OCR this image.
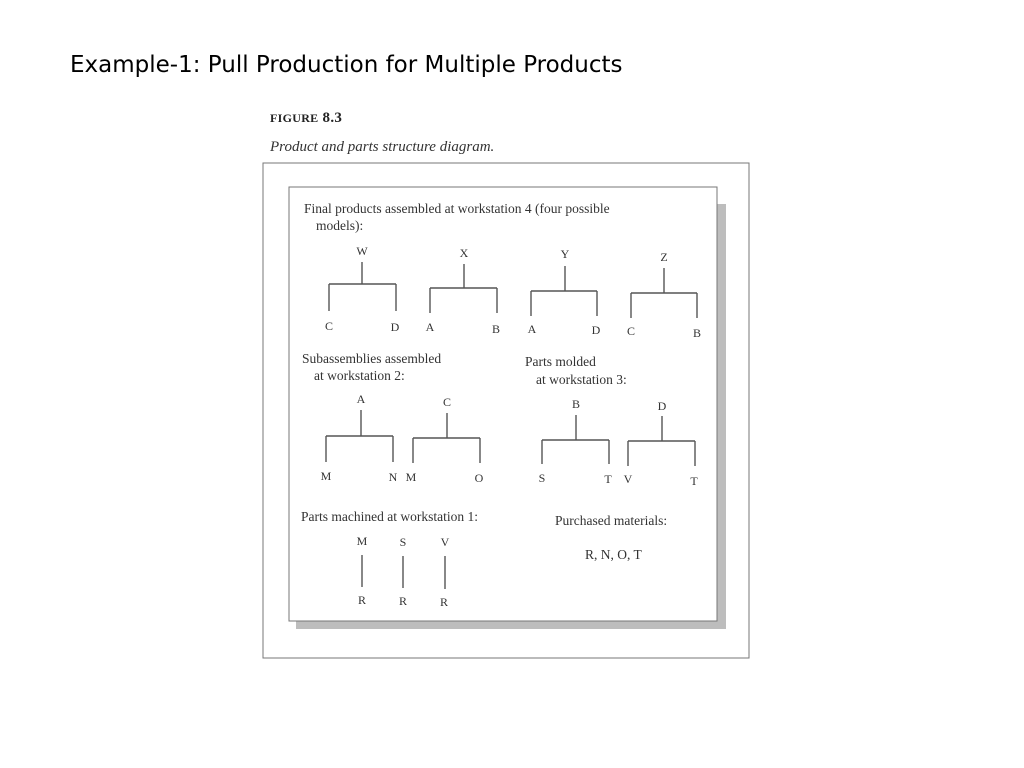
Example-1: Pull Production for Multiple Products
FIGURE 8.3
Product and parts structure diagram.
Final products assembled at workstation 4 (four possible
models):
Subassemblies assembled
at workstation 2:
Parts molded
at workstation 3:
Parts machined at workstation 1:	Purchased materials:
R, N, O, T
W
C	D
X
A	B
Y
A	D
Z
C	B
A
M	N
C
M	O
B
S	T
D
V	T
M
R
S
R
V
R
